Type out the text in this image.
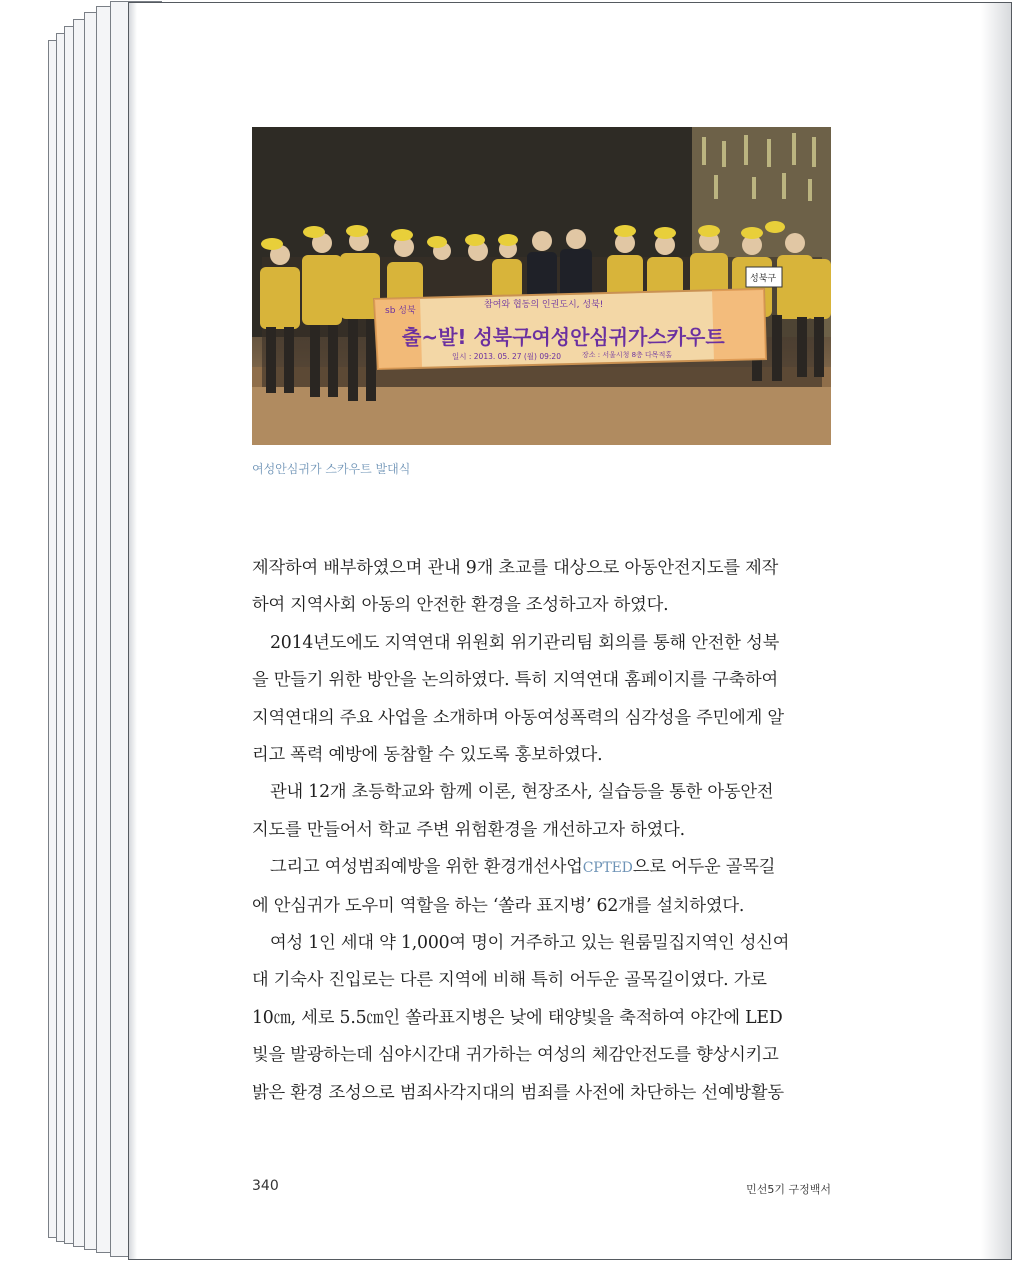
sb 성북
참여와 협동의 인권도시, 성북!
출~발! 성북구여성안심귀가스카우트
일시 : 2013. 05. 27 (월) 09:20	장소 : 서울시청 8층 다목적홀
성북구
여성안심귀가 스카우트 발대식

제작하여 배부하였으며 관내 9개 초교를 대상으로 아동안전지도를 제작
하여 지역사회 아동의 안전한 환경을 조성하고자 하였다.

2014년도에도 지역연대 위원회 위기관리팀 회의를 통해 안전한 성북
을 만들기 위한 방안을 논의하였다. 특히 지역연대 홈페이지를 구축하여
지역연대의 주요 사업을 소개하며 아동여성폭력의 심각성을 주민에게 알
리고 폭력 예방에 동참할 수 있도록 홍보하였다.

관내 12개 초등학교와 함께 이론, 현장조사, 실습등을 통한 아동안전
지도를 만들어서 학교 주변 위험환경을 개선하고자 하였다.

그리고 여성범죄예방을 위한 환경개선사업CPTED으로 어두운 골목길
에 안심귀가 도우미 역할을 하는 ‘쏠라 표지병’ 62개를 설치하였다.

여성 1인 세대 약 1,000여 명이 거주하고 있는 원룸밀집지역인 성신여
대 기숙사 진입로는 다른 지역에 비해 특히 어두운 골목길이였다. 가로
10㎝, 세로 5.5㎝인 쏠라표지병은 낮에 태양빛을 축적하여 야간에 LED
빛을 발광하는데 심야시간대 귀가하는 여성의 체감안전도를 향상시키고
밝은 환경 조성으로 범죄사각지대의 범죄를 사전에 차단하는 선예방활동

340	민선5기 구정백서
